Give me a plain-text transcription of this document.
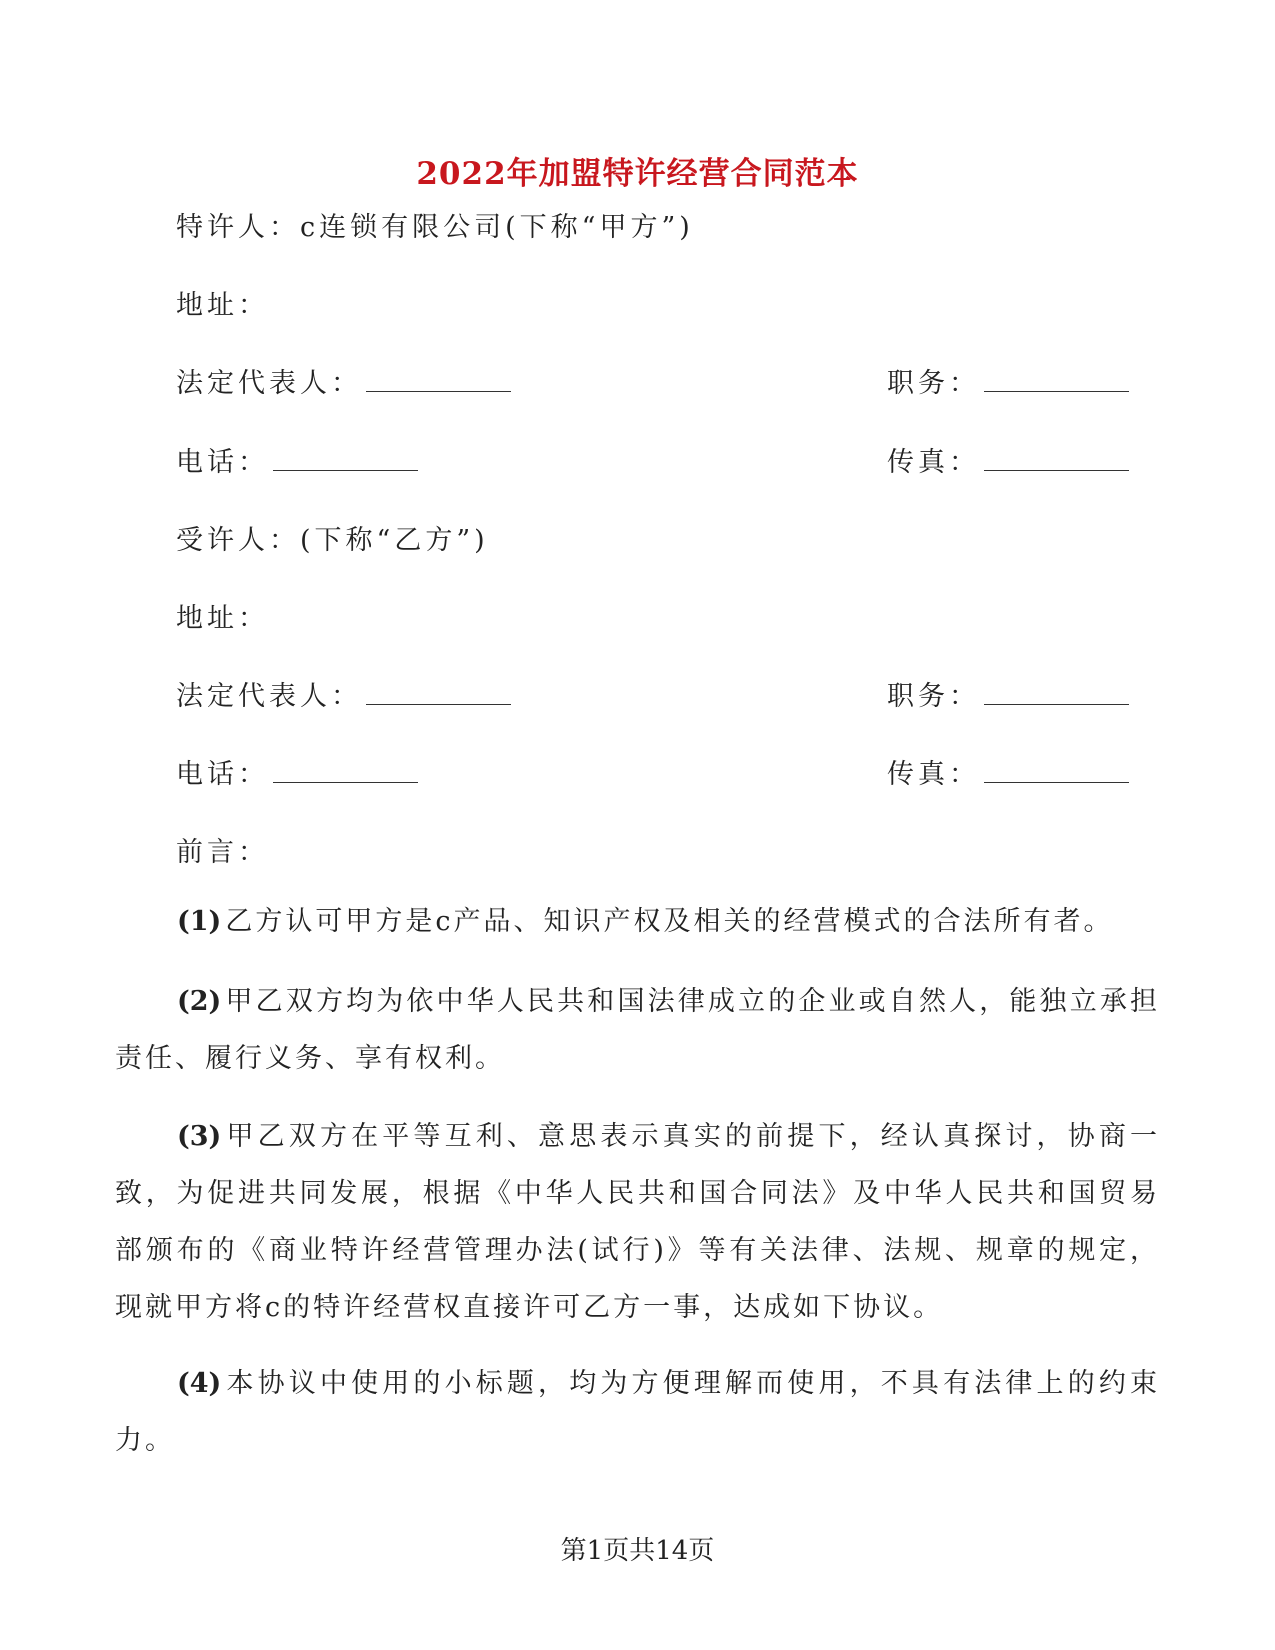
2022年加盟特许经营合同范本
特许人：c连锁有限公司(下称“甲方”)
地址：
法定代表人：	职务：
电话：	传真：
受许人：(下称“乙方”)
地址：
法定代表人：	职务：
电话：	传真：
前言：
(1) 乙方认可甲方是c产品、知识产权及相关的经营模式的合法所有者。
(2) 甲乙双方均为依中华人民共和国法律成立的企业或自然人，能独立承担责任、履行义务、享有权利。
(3) 甲乙双方在平等互利、意思表示真实的前提下，经认真探讨，协商一致，为促进共同发展，根据《中华人民共和国合同法》及中华人民共和国贸易部颁布的《商业特许经营管理办法(试行)》等有关法律、法规、规章的规定，现就甲方将c的特许经营权直接许可乙方一事，达成如下协议。
(4) 本协议中使用的小标题，均为方便理解而使用，不具有法律上的约束力。
第1页共14页
